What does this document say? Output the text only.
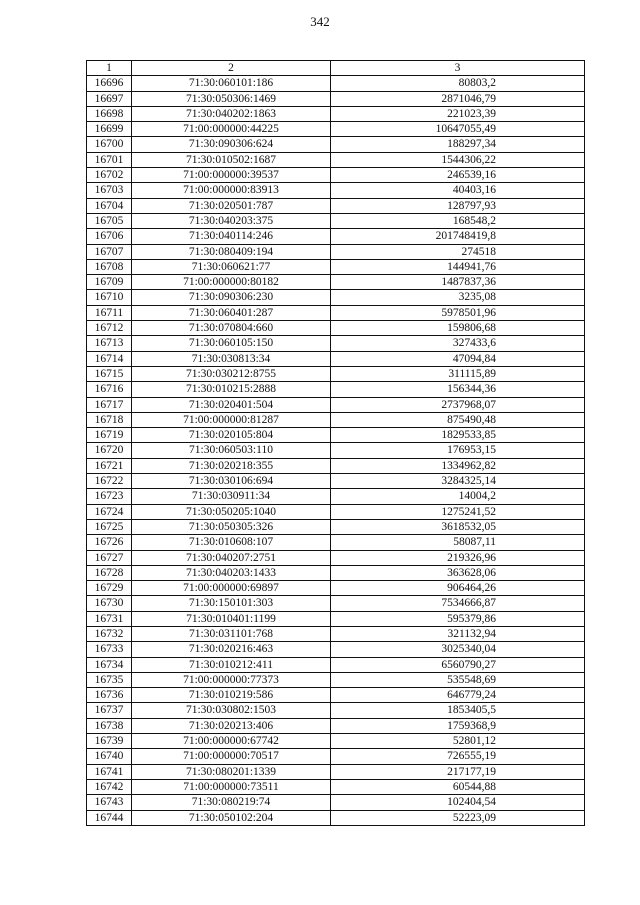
342
1	2	3
16696	71:30:060101:186	80803,2
16697	71:30:050306:1469	2871046,79
16698	71:30:040202:1863	221023,39
16699	71:00:000000:44225	10647055,49
16700	71:30:090306:624	188297,34
16701	71:30:010502:1687	1544306,22
16702	71:00:000000:39537	246539,16
16703	71:00:000000:83913	40403,16
16704	71:30:020501:787	128797,93
16705	71:30:040203:375	168548,2
16706	71:30:040114:246	201748419,8
16707	71:30:080409:194	274518
16708	71:30:060621:77	144941,76
16709	71:00:000000:80182	1487837,36
16710	71:30:090306:230	3235,08
16711	71:30:060401:287	5978501,96
16712	71:30:070804:660	159806,68
16713	71:30:060105:150	327433,6
16714	71:30:030813:34	47094,84
16715	71:30:030212:8755	311115,89
16716	71:30:010215:2888	156344,36
16717	71:30:020401:504	2737968,07
16718	71:00:000000:81287	875490,48
16719	71:30:020105:804	1829533,85
16720	71:30:060503:110	176953,15
16721	71:30:020218:355	1334962,82
16722	71:30:030106:694	3284325,14
16723	71:30:030911:34	14004,2
16724	71:30:050205:1040	1275241,52
16725	71:30:050305:326	3618532,05
16726	71:30:010608:107	58087,11
16727	71:30:040207:2751	219326,96
16728	71:30:040203:1433	363628,06
16729	71:00:000000:69897	906464,26
16730	71:30:150101:303	7534666,87
16731	71:30:010401:1199	595379,86
16732	71:30:031101:768	321132,94
16733	71:30:020216:463	3025340,04
16734	71:30:010212:411	6560790,27
16735	71:00:000000:77373	535548,69
16736	71:30:010219:586	646779,24
16737	71:30:030802:1503	1853405,5
16738	71:30:020213:406	1759368,9
16739	71:00:000000:67742	52801,12
16740	71:00:000000:70517	726555,19
16741	71:30:080201:1339	217177,19
16742	71:00:000000:73511	60544,88
16743	71:30:080219:74	102404,54
16744	71:30:050102:204	52223,09
